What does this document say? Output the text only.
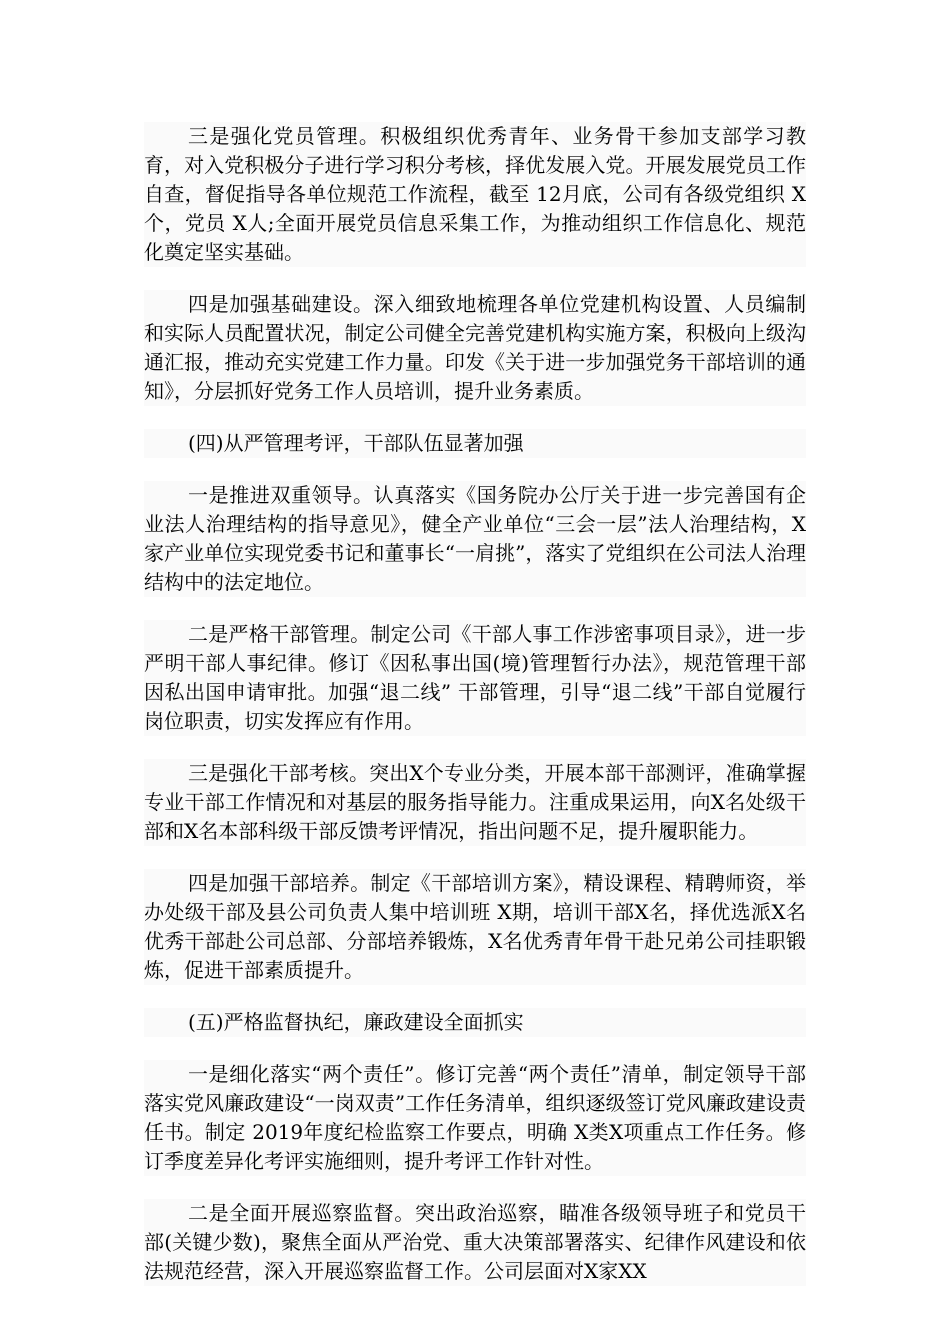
三是强化党员管理。积极组织优秀青年、业务骨干参加支部学习教育，对入党积极分子进行学习积分考核，择优发展入党。开展发展党员工作自查，督促指导各单位规范工作流程，截至 12月底，公司有各级党组织 X个，党员 X人;全面开展党员信息采集工作，为推动组织工作信息化、规范化奠定坚实基础。

四是加强基础建设。深入细致地梳理各单位党建机构设置、人员编制和实际人员配置状况，制定公司健全完善党建机构实施方案，积极向上级沟通汇报，推动充实党建工作力量。印发《关于进一步加强党务干部培训的通知》，分层抓好党务工作人员培训，提升业务素质。

(四)从严管理考评，干部队伍显著加强

一是推进双重领导。认真落实《国务院办公厅关于进一步完善国有企业法人治理结构的指导意见》，健全产业单位“三会一层”法人治理结构，X家产业单位实现党委书记和董事长“一肩挑”，落实了党组织在公司法人治理结构中的法定地位。

二是严格干部管理。制定公司《干部人事工作涉密事项目录》，进一步严明干部人事纪律。修订《因私事出国(境)管理暂行办法》，规范管理干部因私出国申请审批。加强“退二线” 干部管理，引导“退二线”干部自觉履行岗位职责，切实发挥应有作用。

三是强化干部考核。突出X个专业分类，开展本部干部测评，准确掌握专业干部工作情况和对基层的服务指导能力。注重成果运用，向X名处级干部和X名本部科级干部反馈考评情况，指出问题不足，提升履职能力。

四是加强干部培养。制定《干部培训方案》，精设课程、精聘师资，举办处级干部及县公司负责人集中培训班 X期，培训干部X名，择优选派X名优秀干部赴公司总部、分部培养锻炼，X名优秀青年骨干赴兄弟公司挂职锻炼，促进干部素质提升。

(五)严格监督执纪，廉政建设全面抓实

一是细化落实“两个责任”。修订完善“两个责任”清单，制定领导干部落实党风廉政建设“一岗双责”工作任务清单，组织逐级签订党风廉政建设责任书。制定 2019年度纪检监察工作要点，明确 X类X项重点工作任务。修订季度差异化考评实施细则，提升考评工作针对性。

二是全面开展巡察监督。突出政治巡察，瞄准各级领导班子和党员干部(关键少数)，聚焦全面从严治党、重大决策部署落实、纪律作风建设和依法规范经营，深入开展巡察监督工作。公司层面对X家XX
